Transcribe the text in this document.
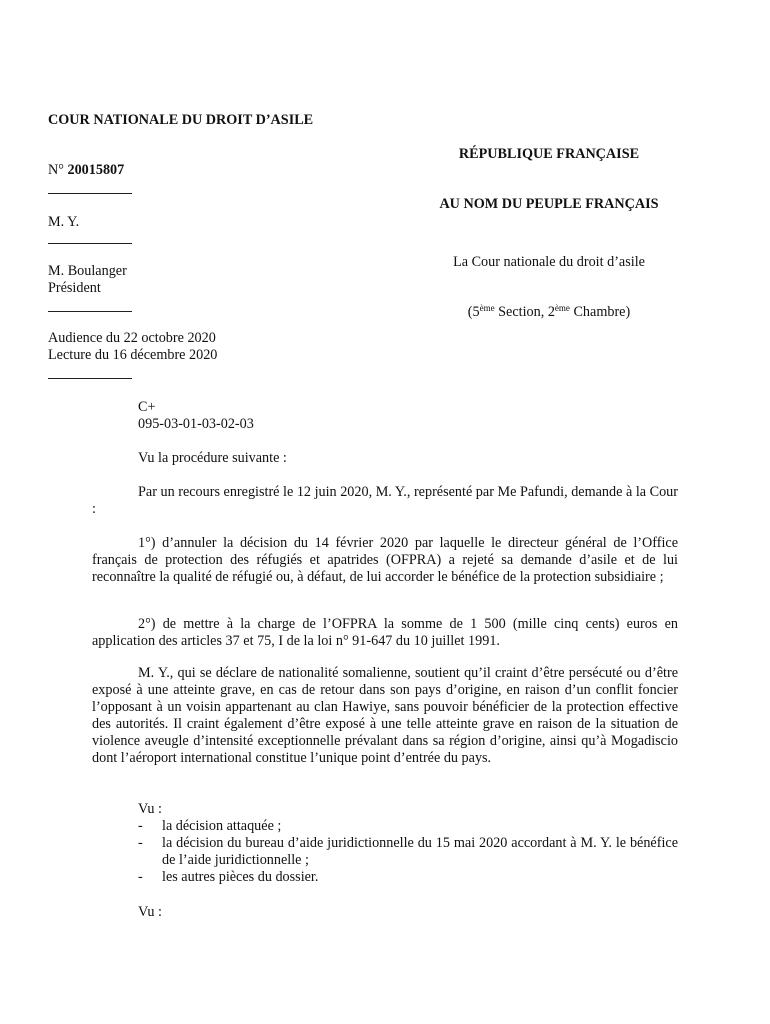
COUR NATIONALE DU DROIT D’ASILE
N° 20015807
M. Y.
M. Boulanger
Président
Audience du 22 octobre 2020
Lecture du 16 décembre 2020
RÉPUBLIQUE FRANÇAISE
AU NOM DU PEUPLE FRANÇAIS
La Cour nationale du droit d’asile
(5ème Section, 2ème Chambre)
C+
095-03-01-03-02-03
Vu la procédure suivante :

Par un recours enregistré le 12 juin 2020, M. Y., représenté par Me Pafundi, demande à la Cour :

1°) d’annuler la décision du 14 février 2020 par laquelle le directeur général de l’Office français de protection des réfugiés et apatrides (OFPRA) a rejeté sa demande d’asile et de lui reconnaître la qualité de réfugié ou, à défaut, de lui accorder le bénéfice de la protection subsidiaire ;

2°) de mettre à la charge de l’OFPRA la somme de 1 500 (mille cinq cents) euros en application des articles 37 et 75, I de la loi n° 91-647 du 10 juillet 1991.

M. Y., qui se déclare de nationalité somalienne, soutient qu’il craint d’être persécuté ou d’être exposé à une atteinte grave, en cas de retour dans son pays d’origine, en raison d’un conflit foncier l’opposant à un voisin appartenant au clan Hawiye, sans pouvoir bénéficier de la protection effective des autorités. Il craint également d’être exposé à une telle atteinte grave en raison de la situation de violence aveugle d’intensité exceptionnelle prévalant dans sa région d’origine, ainsi qu’à Mogadiscio dont l’aéroport international constitue l’unique point d’entrée du pays.

Vu :
-	la décision attaquée ;
-	la décision du bureau d’aide juridictionnelle du 15 mai 2020 accordant à M. Y. le bénéfice de l’aide juridictionnelle ;
-	les autres pièces du dossier.
Vu :
